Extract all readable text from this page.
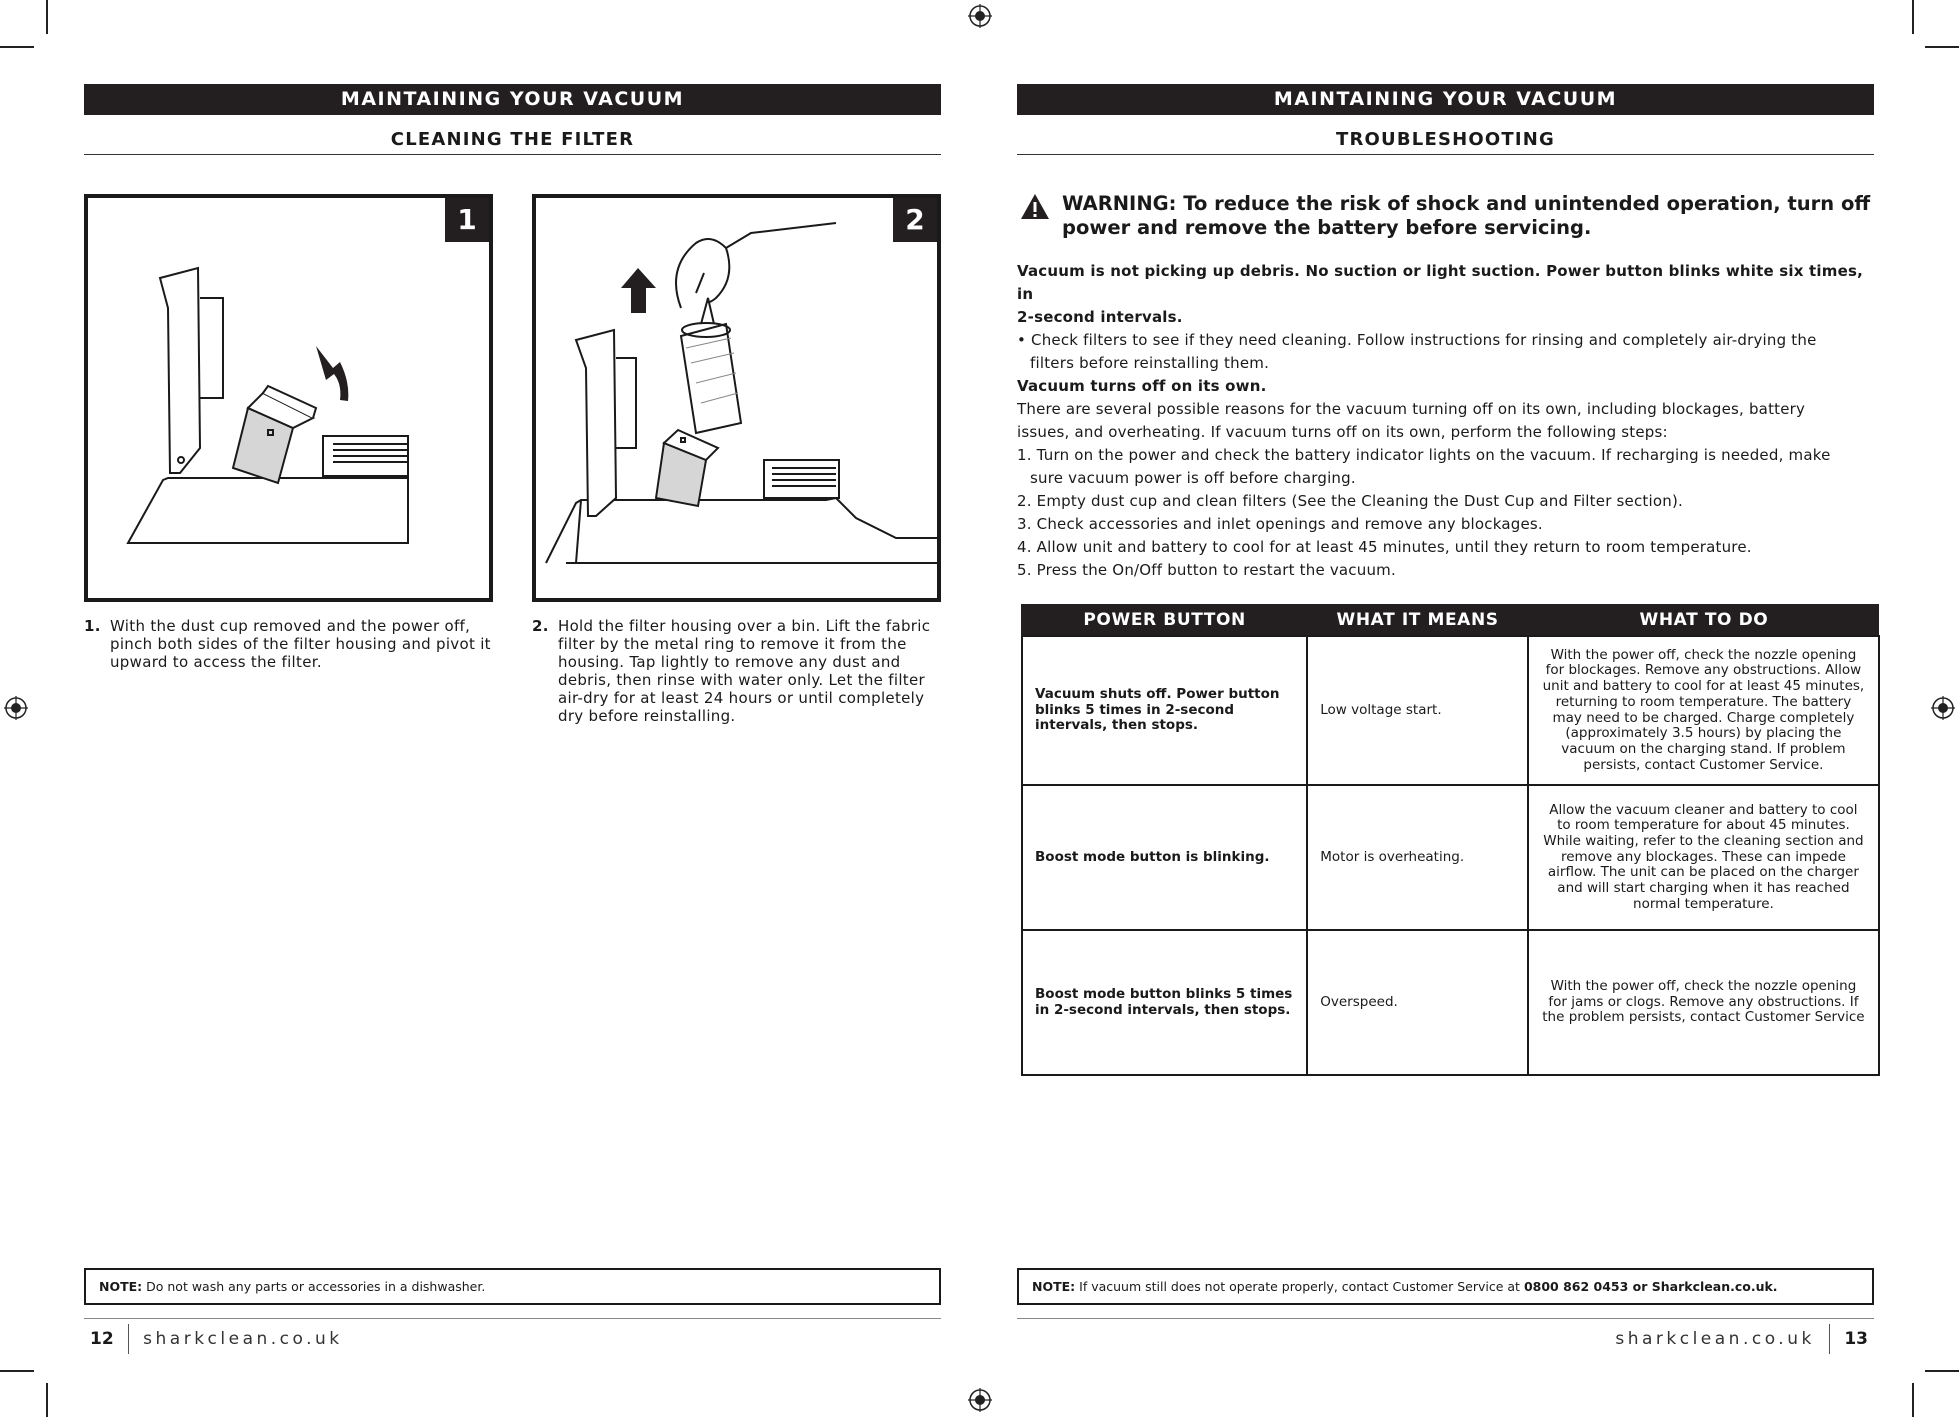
MAINTAINING YOUR VACUUM
CLEANING THE FILTER
1	2
1. With the dust cup removed and the power off, pinch both sides of the filter housing and pivot it upward to access the filter.
2. Hold the filter housing over a bin. Lift the fabric filter by the metal ring to remove it from the housing. Tap lightly to remove any dust and debris, then rinse with water only. Let the filter air-dry for at least 24 hours or until completely dry before reinstalling.
NOTE: Do not wash any parts or accessories in a dishwasher.
12 sharkclean.co.uk
MAINTAINING YOUR VACUUM
TROUBLESHOOTING
WARNING: To reduce the risk of shock and unintended operation, turn off
power and remove the battery before servicing.
Vacuum is not picking up debris. No suction or light suction. Power button blinks white six times, in
2-second intervals.
• Check filters to see if they need cleaning. Follow instructions for rinsing and completely air-drying the
filters before reinstalling them.
Vacuum turns off on its own.
There are several possible reasons for the vacuum turning off on its own, including blockages, battery
issues, and overheating. If vacuum turns off on its own, perform the following steps:
1. Turn on the power and check the battery indicator lights on the vacuum. If recharging is needed, make
sure vacuum power is off before charging.
2. Empty dust cup and clean filters (See the Cleaning the Dust Cup and Filter section).
3. Check accessories and inlet openings and remove any blockages.
4. Allow unit and battery to cool for at least 45 minutes, until they return to room temperature.
5. Press the On/Off button to restart the vacuum.
POWER BUTTON	WHAT IT MEANS	WHAT TO DO
Vacuum shuts off. Power button blinks 5 times in 2-second intervals, then stops.	Low voltage start.	With the power off, check the nozzle opening for blockages. Remove any obstructions. Allow unit and battery to cool for at least 45 minutes, returning to room temperature. The battery may need to be charged. Charge completely (approximately 3.5 hours) by placing the vacuum on the charging stand. If problem persists, contact Customer Service.
Boost mode button is blinking.	Motor is overheating.	Allow the vacuum cleaner and battery to cool to room temperature for about 45 minutes. While waiting, refer to the cleaning section and remove any blockages. These can impede airflow. The unit can be placed on the charger and will start charging when it has reached normal temperature.
Boost mode button blinks 5 times in 2-second intervals, then stops.	Overspeed.	With the power off, check the nozzle opening for jams or clogs. Remove any obstructions. If the problem persists, contact Customer Service
NOTE: If vacuum still does not operate properly, contact Customer Service at 0800 862 0453 or Sharkclean.co.uk.
sharkclean.co.uk 13
